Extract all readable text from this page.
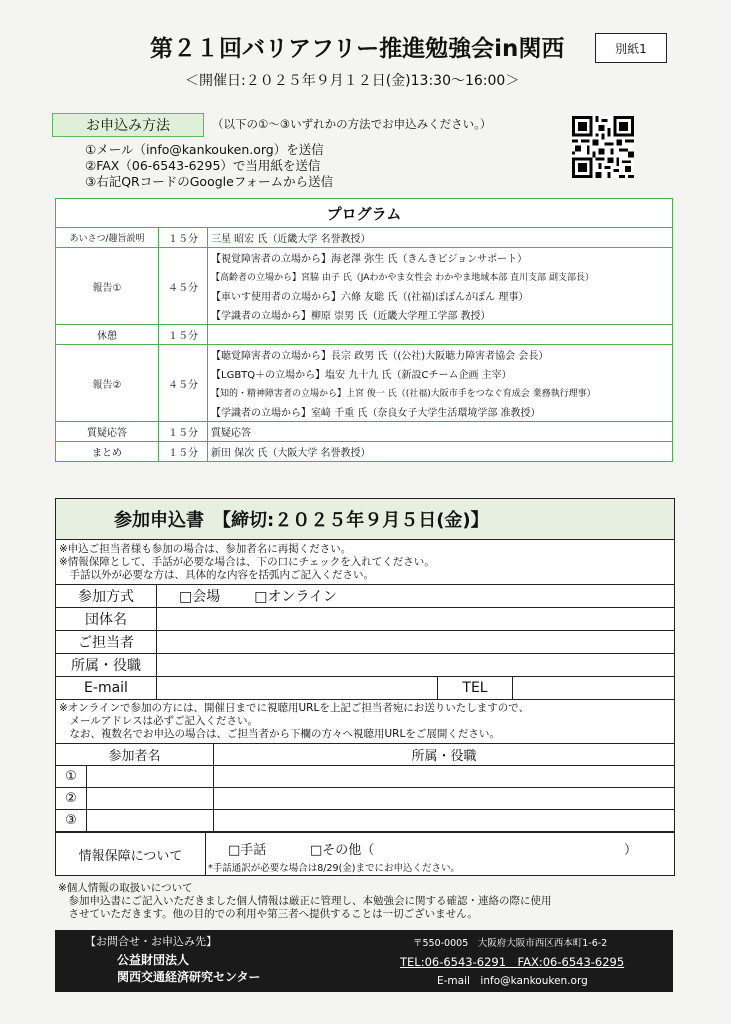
第２１回バリアフリー推進勉強会in関西	別紙1
＜開催日:２０２５年９月１２日(金)13:30〜16:00＞
お申込み方法	（以下の①〜③いずれかの方法でお申込みください。）
①メール（info@kankouken.org）を送信
②FAX（06-6543-6295）で当用紙を送信
③右記QRコードのGoogleフォームから送信
プログラム		
あいさつ/趣旨説明	１５分	三星 昭宏 氏（近畿大学 名誉教授）
報告①	４５分	【視覚障害者の立場から】海老澤 弥生 氏（きんきビジョンサポート）
		【高齢者の立場から】宮脇 由子 氏（JAわかやま女性会 わかやま地域本部 直川支部 副支部長）
		【車いす使用者の立場から】六條 友聡 氏（(社福)ぽぽんがぽん 理事）
		【学識者の立場から】柳原 崇男 氏（近畿大学理工学部 教授）
休憩	１５分	
報告②	４５分	【聴覚障害者の立場から】長宗 政男 氏（(公社)大阪聴力障害者協会 会長）
		【LGBTQ＋の立場から】塩安 九十九 氏（新設Cチーム企画 主宰）
		【知的・精神障害者の立場から】上宮 俊一 氏（(社福)大阪市手をつなぐ育成会 業務執行理事）
		【学識者の立場から】室﨑 千重 氏（奈良女子大学生活環境学部 准教授）
質疑応答	１５分	質疑応答
まとめ	１５分	新田 保次 氏（大阪大学 名誉教授）
参加申込書　【締切:２０２５年９月５日(金)】
※申込ご担当者様も参加の場合は、参加者名に再掲ください。
※情報保障として、手話が必要な場合は、下の口にチェックを入れてください。
　手話以外が必要な方は、具体的な内容を括弧内ご記入ください。
参加方式	□会場 □オンライン
団体名
ご担当者
所属・役職
E-mail	TEL
※オンラインで参加の方には、開催日までに視聴用URLを上記ご担当者宛にお送りいたしますので、
　メールアドレスは必ずご記入ください。
　なお、複数名でお申込の場合は、ご担当者から下欄の方々へ視聴用URLをご展開ください。
参加者名		所属・役職
①		
②		
③		
情報保障について	□手話	□その他（	）
*手話通訳が必要な場合は8/29(金)までにお申込ください。
※個人情報の取扱いについて
　参加申込書にご記入いただきました個人情報は厳正に管理し、本勉強会に関する確認・連絡の際に使用
　させていただきます。他の目的での利用や第三者へ提供することは一切ございません。
【お問合せ・お申込み先】
公益財団法人
関西交通経済研究センター
〒550-0005　大阪府大阪市西区西本町1-6-2
TEL:06-6543-6291　FAX:06-6543-6295
E-mail　info@kankouken.org
